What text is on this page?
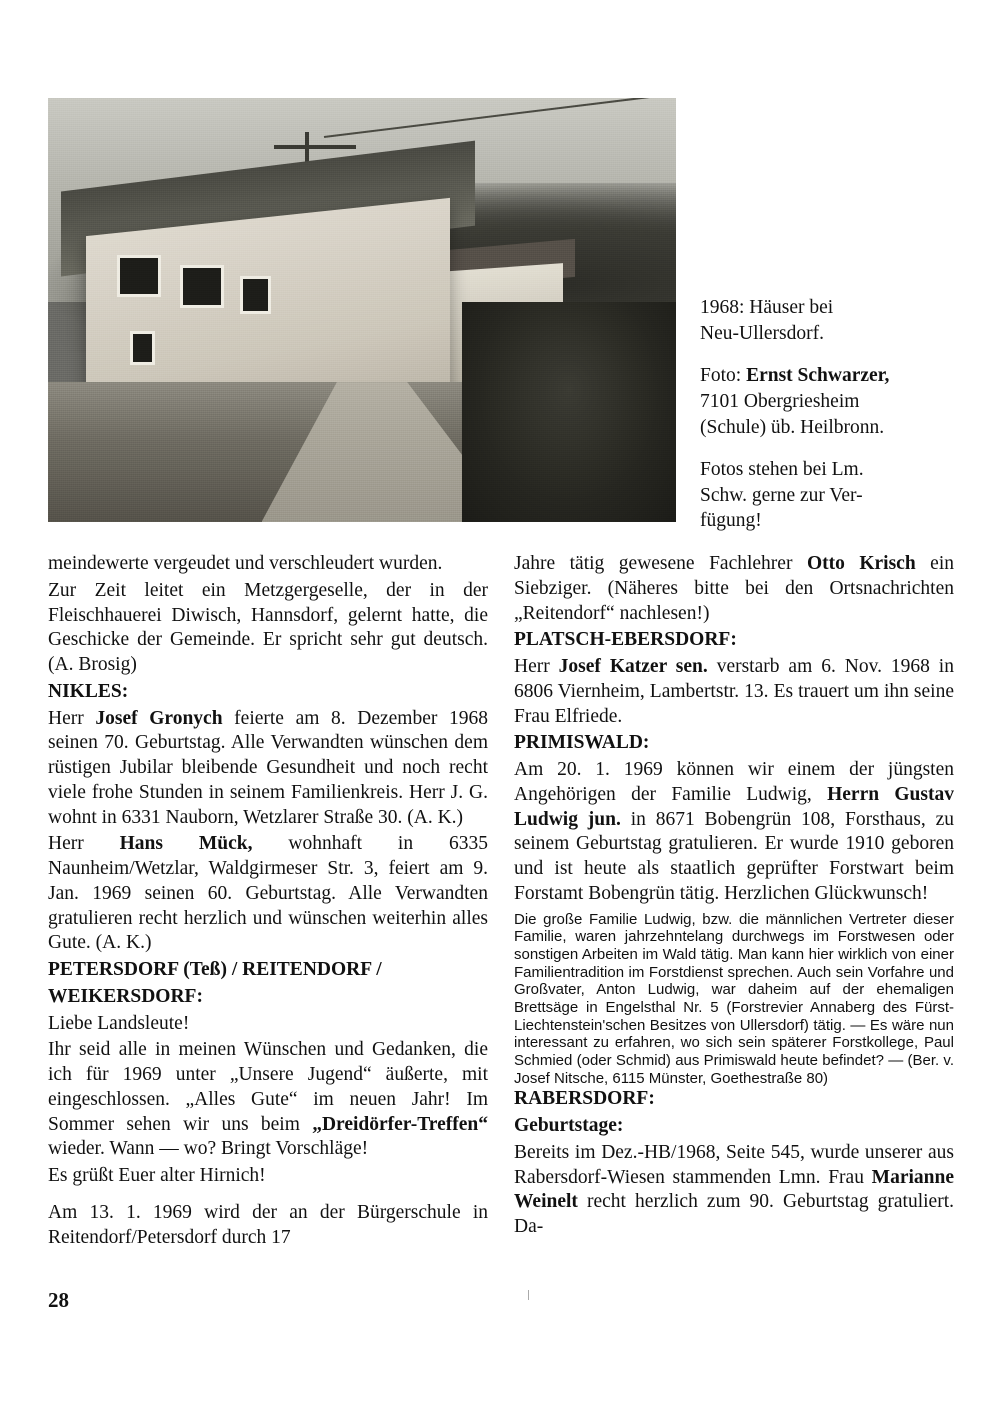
1968: Häuser bei
Neu-Ullersdorf.

Foto: Ernst Schwarzer,
7101 Obergriesheim
(Schule) üb. Heilbronn.

Fotos stehen bei Lm.
Schw. gerne zur Ver-
fügung!

meindewerte vergeudet und verschleudert wurden.

Zur Zeit leitet ein Metzgergeselle, der in der Fleischhauerei Diwisch, Hannsdorf, gelernt hatte, die Geschicke der Gemeinde. Er spricht sehr gut deutsch. (A. Brosig)

NIKLES:

Herr Josef Gronych feierte am 8. Dezember 1968 seinen 70. Geburtstag. Alle Verwandten wünschen dem rüstigen Jubilar bleibende Gesundheit und noch recht viele frohe Stunden in seinem Familienkreis. Herr J. G. wohnt in 6331 Nauborn, Wetzlarer Straße 30. (A. K.)

Herr Hans Mück, wohnhaft in 6335 Naunheim/Wetzlar, Waldgirmeser Str. 3, feiert am 9. Jan. 1969 seinen 60. Geburtstag. Alle Verwandten gratulieren recht herzlich und wünschen weiterhin alles Gute. (A. K.)

PETERSDORF (Teß) / REITENDORF /

WEIKERSDORF:

Liebe Landsleute!

Ihr seid alle in meinen Wünschen und Gedanken, die ich für 1969 unter „Unsere Jugend“ äußerte, mit eingeschlossen. „Alles Gute“ im neuen Jahr! Im Sommer sehen wir uns beim „Dreidörfer-Treffen“ wieder. Wann — wo? Bringt Vorschläge!

Es grüßt Euer alter Hirnich!

Am 13. 1. 1969 wird der an der Bürgerschule in Reitendorf/Petersdorf durch 17

Jahre tätig gewesene Fachlehrer Otto Krisch ein Siebziger. (Näheres bitte bei den Ortsnachrichten „Reitendorf“ nachlesen!)

PLATSCH-EBERSDORF:

Herr Josef Katzer sen. verstarb am 6. Nov. 1968 in 6806 Viernheim, Lambertstr. 13. Es trauert um ihn seine Frau Elfriede.

PRIMISWALD:

Am 20. 1. 1969 können wir einem der jüngsten Angehörigen der Familie Ludwig, Herrn Gustav Ludwig jun. in 8671 Bobengrün 108, Forsthaus, zu seinem Geburtstag gratulieren. Er wurde 1910 geboren und ist heute als staatlich geprüfter Forstwart beim Forstamt Bobengrün tätig. Herzlichen Glückwunsch!

Die große Familie Ludwig, bzw. die männlichen Vertreter dieser Familie, waren jahrzehntelang durchwegs im Forstwesen oder sonstigen Arbeiten im Wald tätig. Man kann hier wirklich von einer Familientradition im Forstdienst sprechen. Auch sein Vorfahre und Großvater, Anton Ludwig, war daheim auf der ehemaligen Brettsäge in Engelsthal Nr. 5 (Forstrevier Annaberg des Fürst-Liechtenstein'schen Besitzes von Ullersdorf) tätig. — Es wäre nun interessant zu erfahren, wo sich sein späterer Forstkollege, Paul Schmied (oder Schmid) aus Primiswald heute befindet? — (Ber. v. Josef Nitsche, 6115 Münster, Goethestraße 80)

RABERSDORF:

Geburtstage:

Bereits im Dez.-HB/1968, Seite 545, wurde unserer aus Rabersdorf-Wiesen stammenden Lmn. Frau Marianne Weinelt recht herzlich zum 90. Geburtstag gratuliert. Da-

28
